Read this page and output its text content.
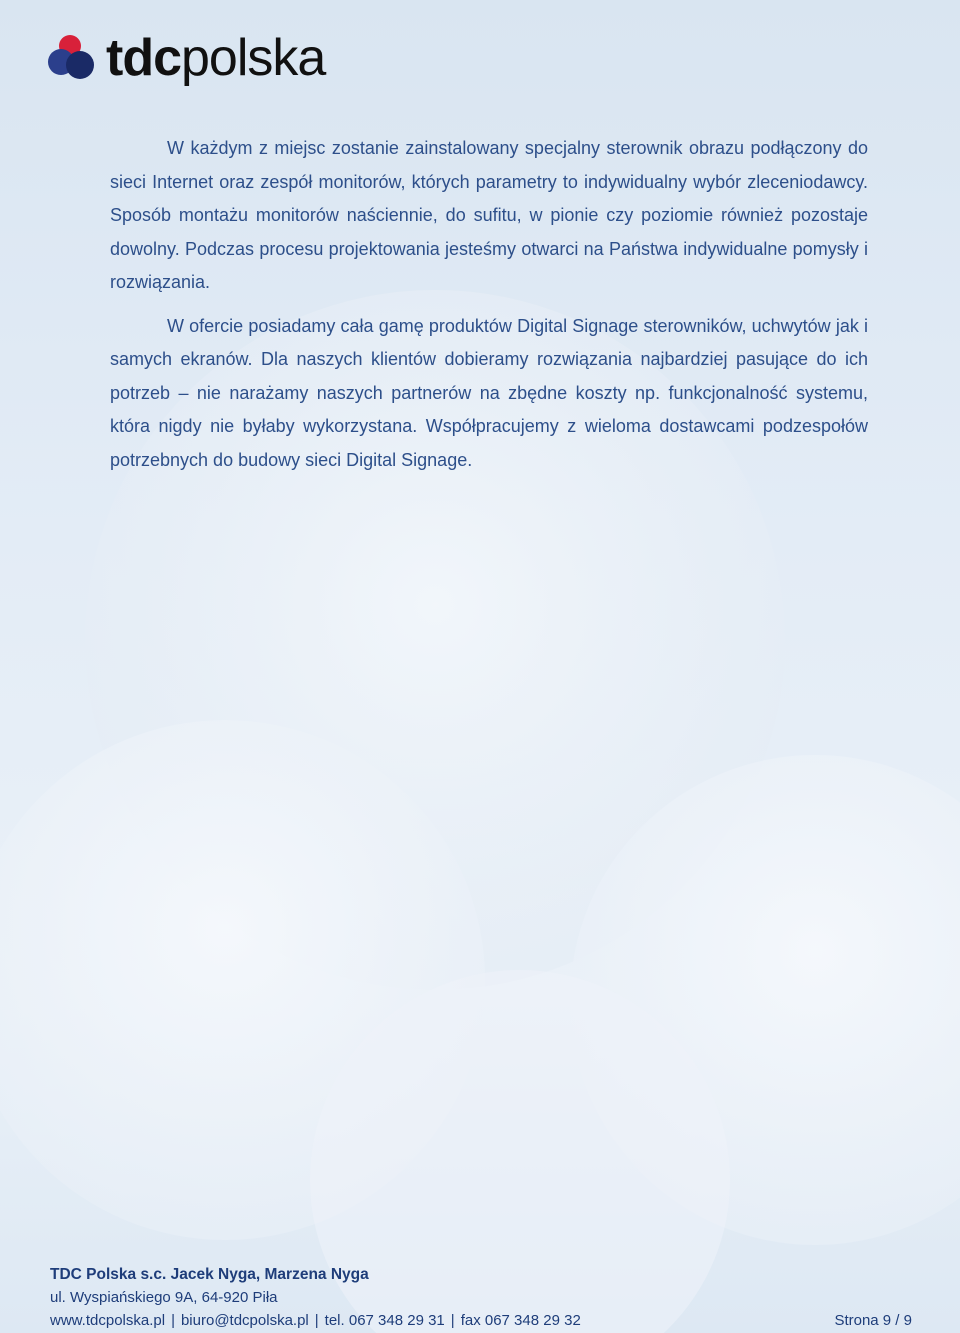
tdcpolska

W każdym z miejsc zostanie zainstalowany specjalny sterownik obrazu podłączony do sieci Internet oraz zespół monitorów, których parametry to indywidualny wybór zleceniodawcy. Sposób montażu monitorów naściennie, do sufitu, w pionie czy poziomie również pozostaje dowolny. Podczas procesu projektowania jesteśmy otwarci na Państwa indywidualne pomysły i rozwiązania.

W ofercie posiadamy cała gamę produktów Digital Signage sterowników, uchwytów jak i samych ekranów. Dla naszych klientów dobieramy rozwiązania najbardziej pasujące do ich potrzeb – nie narażamy naszych partnerów na zbędne koszty np. funkcjonalność systemu, która nigdy nie byłaby wykorzystana. Współpracujemy z wieloma dostawcami podzespołów potrzebnych do budowy sieci Digital Signage.

TDC Polska s.c. Jacek Nyga, Marzena Nyga
ul. Wyspiańskiego 9A, 64-920 Piła
www.tdcpolska.pl | biuro@tdcpolska.pl | tel. 067 348 29 31 | fax 067 348 29 32	Strona 9 / 9
